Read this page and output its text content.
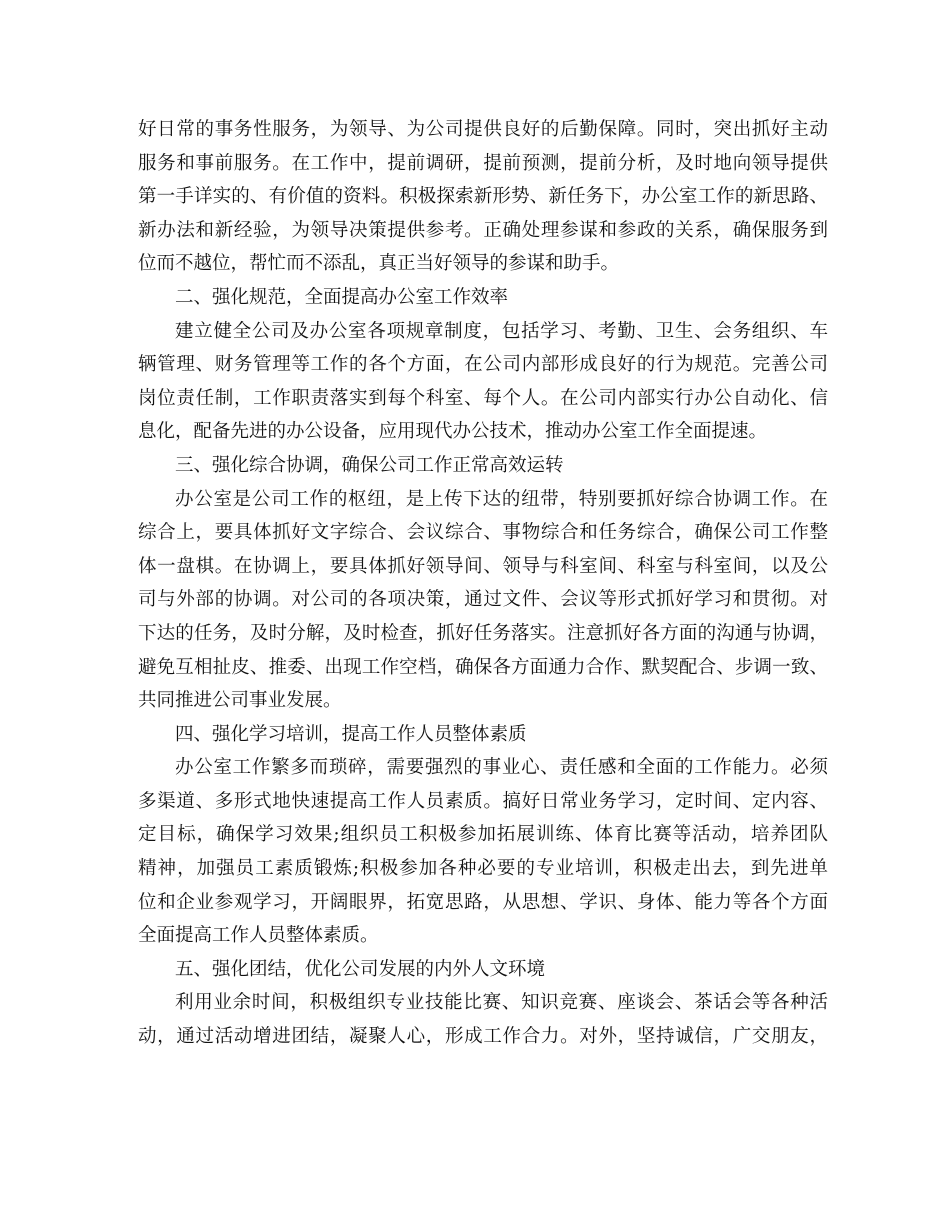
好日常的事务性服务，为领导、为公司提供良好的后勤保障。同时，突出抓好主动
服务和事前服务。在工作中，提前调研，提前预测，提前分析，及时地向领导提供
第一手详实的、有价值的资料。积极探索新形势、新任务下，办公室工作的新思路、
新办法和新经验，为领导决策提供参考。正确处理参谋和参政的关系，确保服务到
位而不越位，帮忙而不添乱，真正当好领导的参谋和助手。
二、强化规范，全面提高办公室工作效率
建立健全公司及办公室各项规章制度，包括学习、考勤、卫生、会务组织、车
辆管理、财务管理等工作的各个方面，在公司内部形成良好的行为规范。完善公司
岗位责任制，工作职责落实到每个科室、每个人。在公司内部实行办公自动化、信
息化，配备先进的办公设备，应用现代办公技术，推动办公室工作全面提速。
三、强化综合协调，确保公司工作正常高效运转
办公室是公司工作的枢纽，是上传下达的纽带，特别要抓好综合协调工作。在
综合上，要具体抓好文字综合、会议综合、事物综合和任务综合，确保公司工作整
体一盘棋。在协调上，要具体抓好领导间、领导与科室间、科室与科室间，以及公
司与外部的协调。对公司的各项决策，通过文件、会议等形式抓好学习和贯彻。对
下达的任务，及时分解，及时检查，抓好任务落实。注意抓好各方面的沟通与协调，
避免互相扯皮、推委、出现工作空档，确保各方面通力合作、默契配合、步调一致、
共同推进公司事业发展。
四、强化学习培训，提高工作人员整体素质
办公室工作繁多而琐碎，需要强烈的事业心、责任感和全面的工作能力。必须
多渠道、多形式地快速提高工作人员素质。搞好日常业务学习，定时间、定内容、
定目标，确保学习效果;组织员工积极参加拓展训练、体育比赛等活动，培养团队
精神，加强员工素质锻炼;积极参加各种必要的专业培训，积极走出去，到先进单
位和企业参观学习，开阔眼界，拓宽思路，从思想、学识、身体、能力等各个方面
全面提高工作人员整体素质。
五、强化团结，优化公司发展的内外人文环境
利用业余时间，积极组织专业技能比赛、知识竞赛、座谈会、茶话会等各种活
动，通过活动增进团结，凝聚人心，形成工作合力。对外，坚持诚信，广交朋友，
